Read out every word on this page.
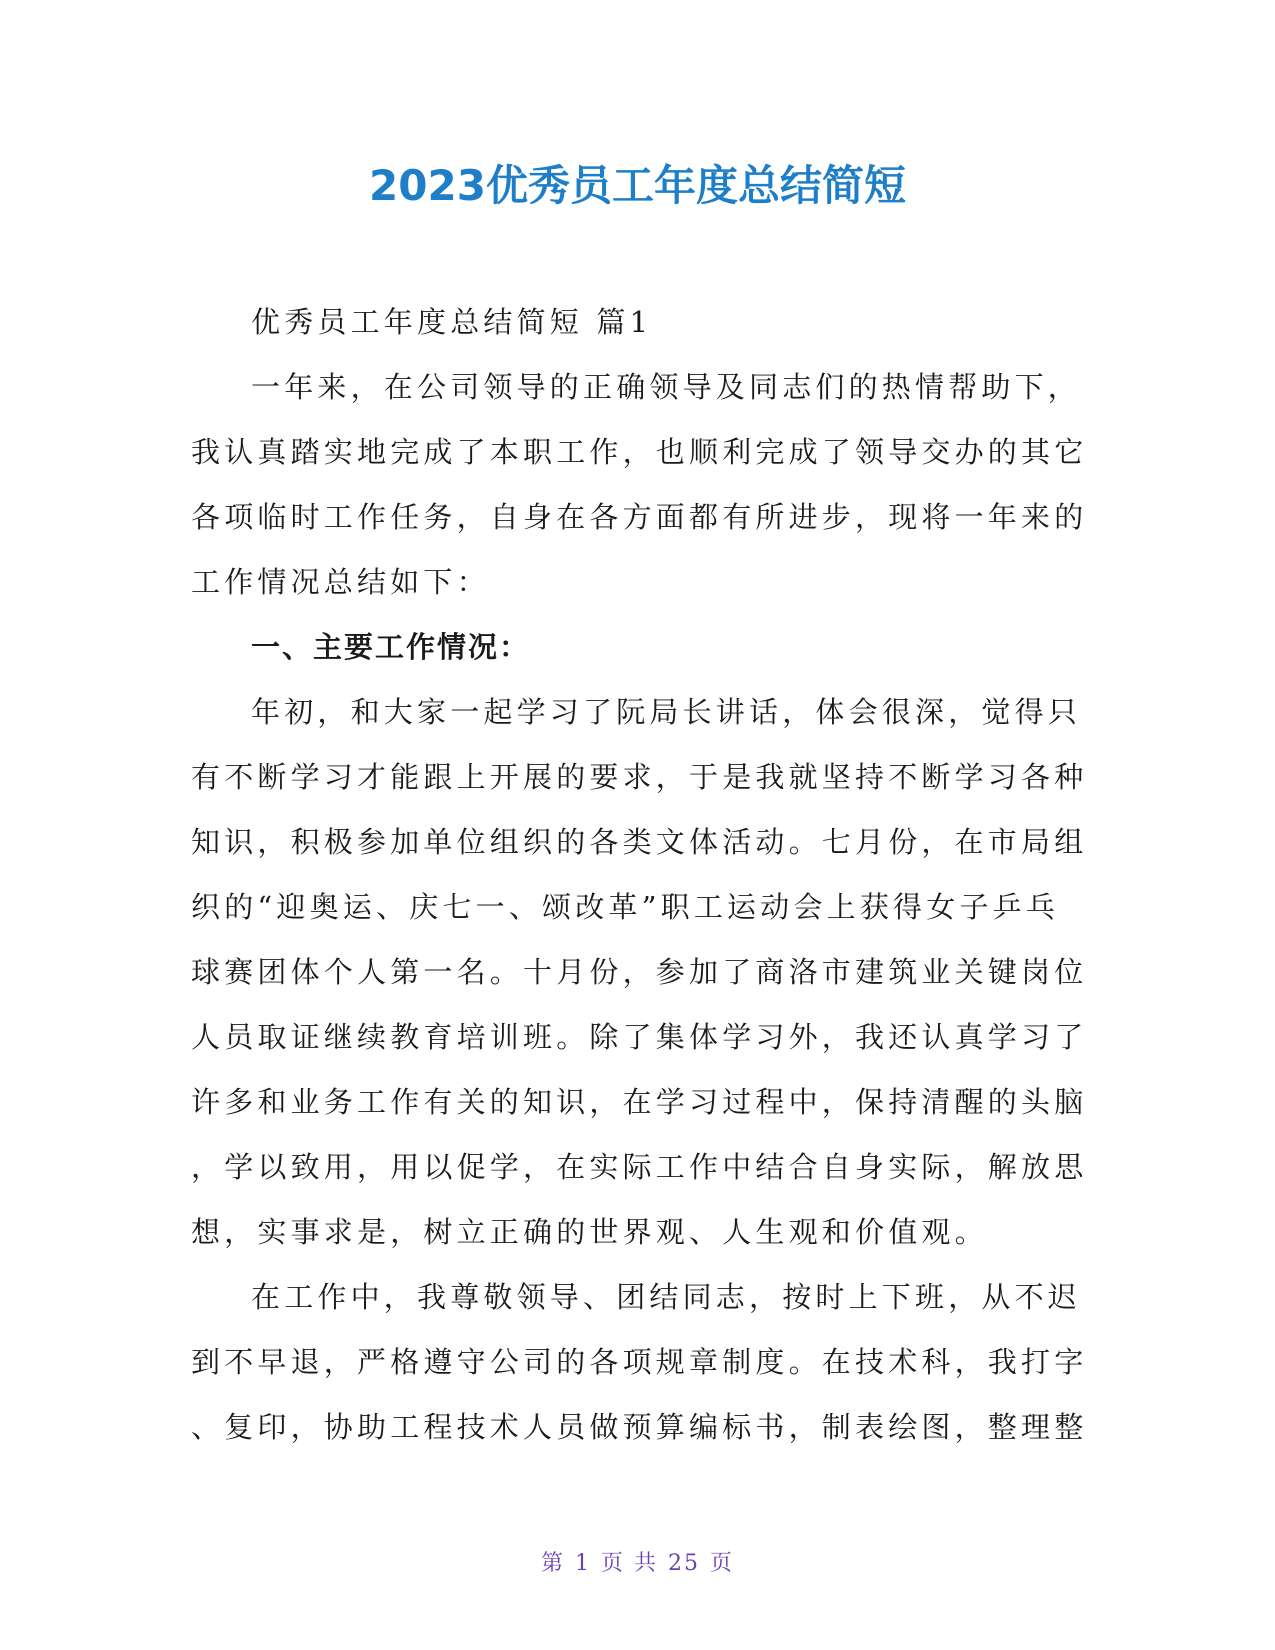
2023优秀员工年度总结简短
优秀员工年度总结简短 篇1
一年来，在公司领导的正确领导及同志们的热情帮助下，
我认真踏实地完成了本职工作，也顺利完成了领导交办的其它
各项临时工作任务，自身在各方面都有所进步，现将一年来的
工作情况总结如下：
一、主要工作情况：
年初，和大家一起学习了阮局长讲话，体会很深，觉得只
有不断学习才能跟上开展的要求，于是我就坚持不断学习各种
知识，积极参加单位组织的各类文体活动。七月份，在市局组
织的“迎奥运、庆七一、颂改革”职工运动会上获得女子乒乓
球赛团体个人第一名。十月份，参加了商洛市建筑业关键岗位
人员取证继续教育培训班。除了集体学习外，我还认真学习了
许多和业务工作有关的知识，在学习过程中，保持清醒的头脑
，学以致用，用以促学，在实际工作中结合自身实际，解放思
想，实事求是，树立正确的世界观、人生观和价值观。
在工作中，我尊敬领导、团结同志，按时上下班，从不迟
到不早退，严格遵守公司的各项规章制度。在技术科，我打字
、复印，协助工程技术人员做预算编标书，制表绘图，整理整
第 1 页 共 25 页
